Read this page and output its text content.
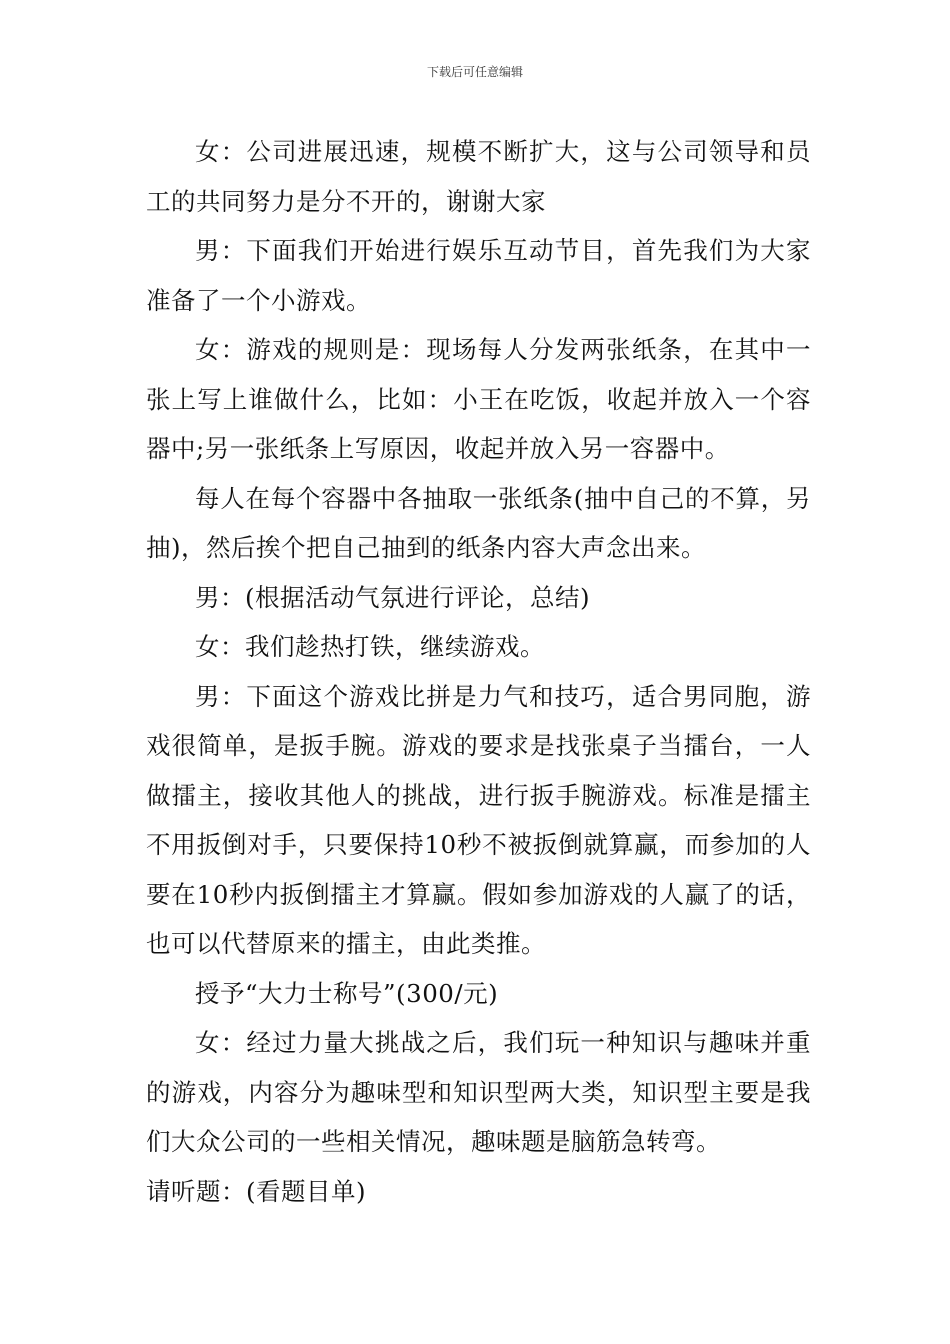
下载后可任意编辑

女：公司进展迅速，规模不断扩大，这与公司领导和员工的共同努力是分不开的，谢谢大家

男：下面我们开始进行娱乐互动节目，首先我们为大家准备了一个小游戏。

女：游戏的规则是：现场每人分发两张纸条，在其中一张上写上谁做什么，比如：小王在吃饭，收起并放入一个容器中;另一张纸条上写原因，收起并放入另一容器中。

每人在每个容器中各抽取一张纸条(抽中自己的不算，另抽)，然后挨个把自己抽到的纸条内容大声念出来。

男：(根据活动气氛进行评论，总结)

女：我们趁热打铁，继续游戏。

男：下面这个游戏比拼是力气和技巧，适合男同胞，游戏很简单，是扳手腕。游戏的要求是找张桌子当擂台，一人做擂主，接收其他人的挑战，进行扳手腕游戏。标准是擂主不用扳倒对手，只要保持10秒不被扳倒就算赢，而参加的人要在10秒内扳倒擂主才算赢。假如参加游戏的人赢了的话，也可以代替原来的擂主，由此类推。

授予“大力士称号”(300/元)

女：经过力量大挑战之后，我们玩一种知识与趣味并重的游戏，内容分为趣味型和知识型两大类，知识型主要是我们大众公司的一些相关情况，趣味题是脑筋急转弯。

请听题：(看题目单)
